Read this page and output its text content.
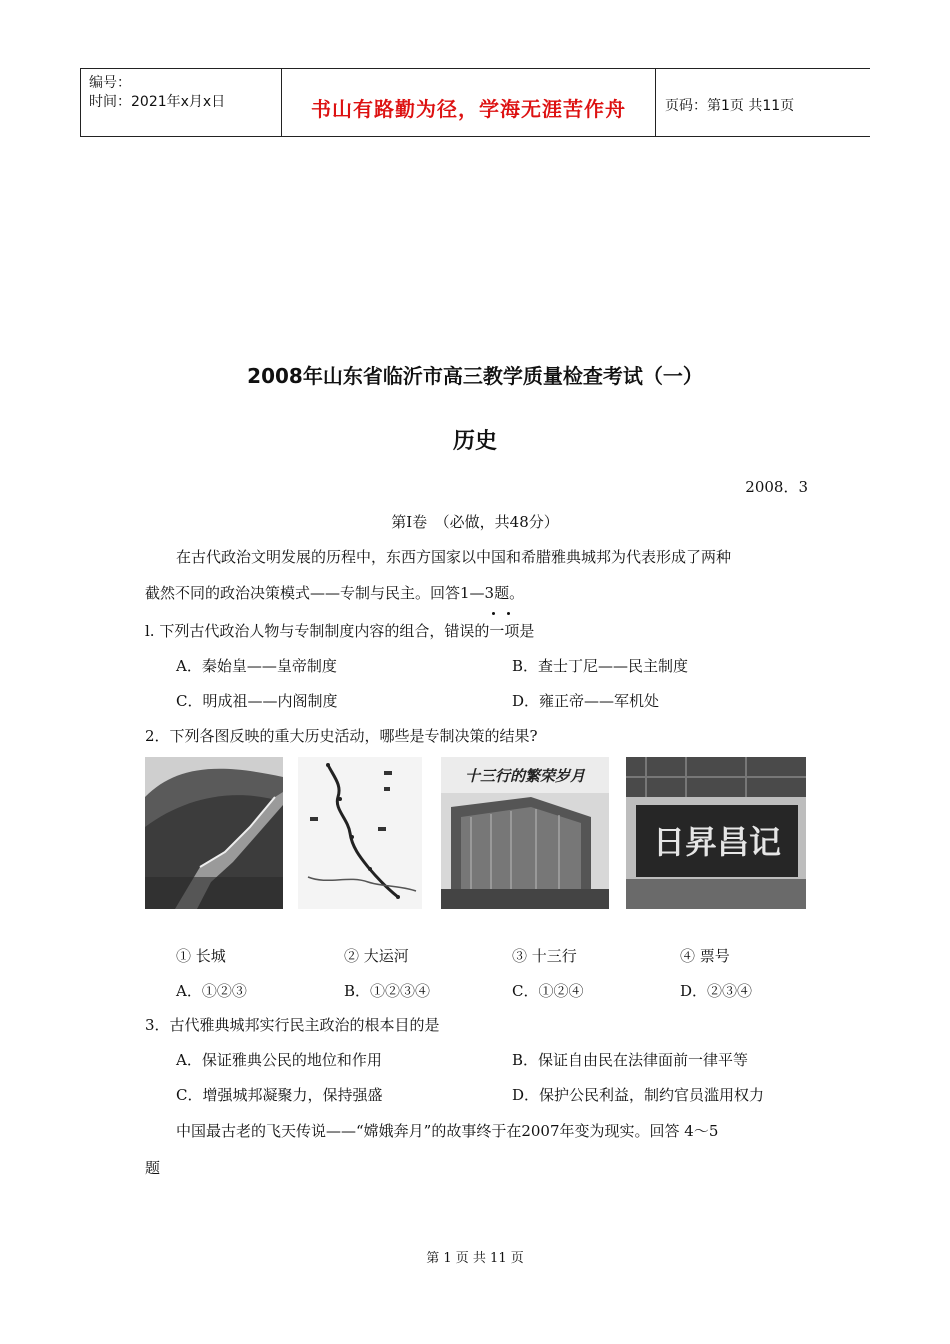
编号：
时间：2021年x月x日	书山有路勤为径，学海无涯苦作舟	页码：第1页 共11页
2008年山东省临沂市高三教学质量检查考试（一）
历史
2008．3
第Ⅰ卷　（必做，共48分）
在古代政治文明发展的历程中，东西方国家以中国和希腊雅典城邦为代表形成了两种
截然不同的政治决策模式——专制与民主。回答1—3题。
l. 下列古代政治人物与专制制度内容的组合，错误的一项是
A．秦始皇——皇帝制度	B．查士丁尼——民主制度
C．明成祖——内阁制度	D．雍正帝——军机处
2．下列各图反映的重大历史活动，哪些是专制决策的结果?
十三行的繁荣岁月
日昇昌记
① 长城	② 大运河	③ 十三行	④ 票号
A．①②③	B．①②③④	C．①②④	D．②③④
3．古代雅典城邦实行民主政治的根本目的是
A．保证雅典公民的地位和作用	B．保证自由民在法律面前一律平等
C．增强城邦凝聚力，保持强盛	D．保护公民利益，制约官员滥用权力
中国最古老的飞天传说——“嫦娥奔月”的故事终于在2007年变为现实。回答 4～5
题
第 1 页 共 11 页
